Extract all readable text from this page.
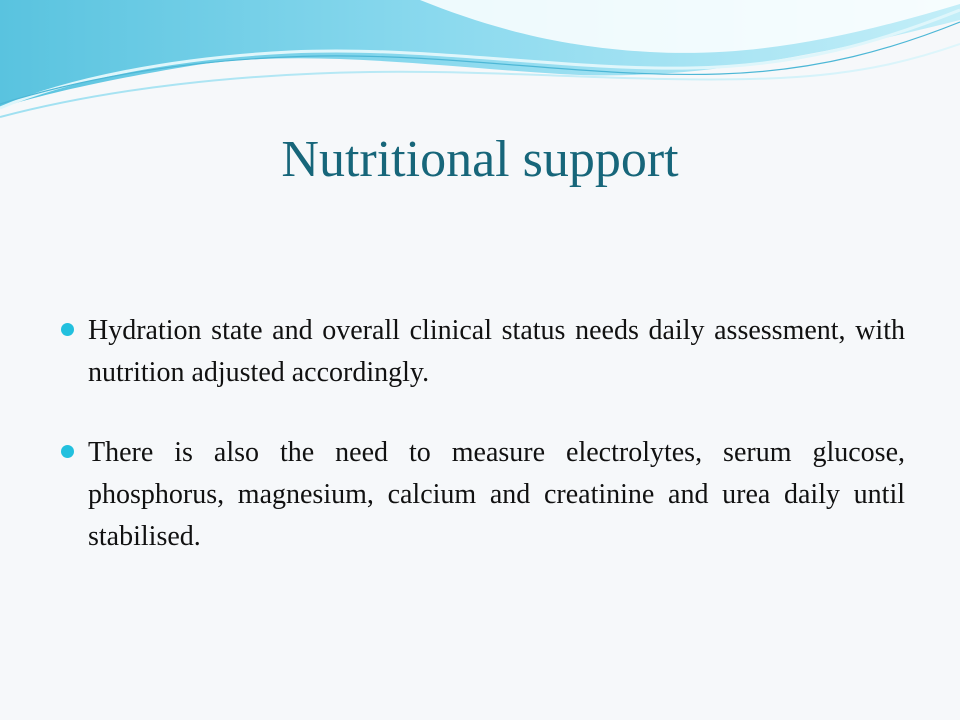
Nutritional support
Hydration state and overall clinical status needs daily assessment, with nutrition adjusted accordingly.
There is also the need to measure electrolytes, serum glucose, phosphorus, magnesium, calcium and creatinine and urea daily until stabilised.
